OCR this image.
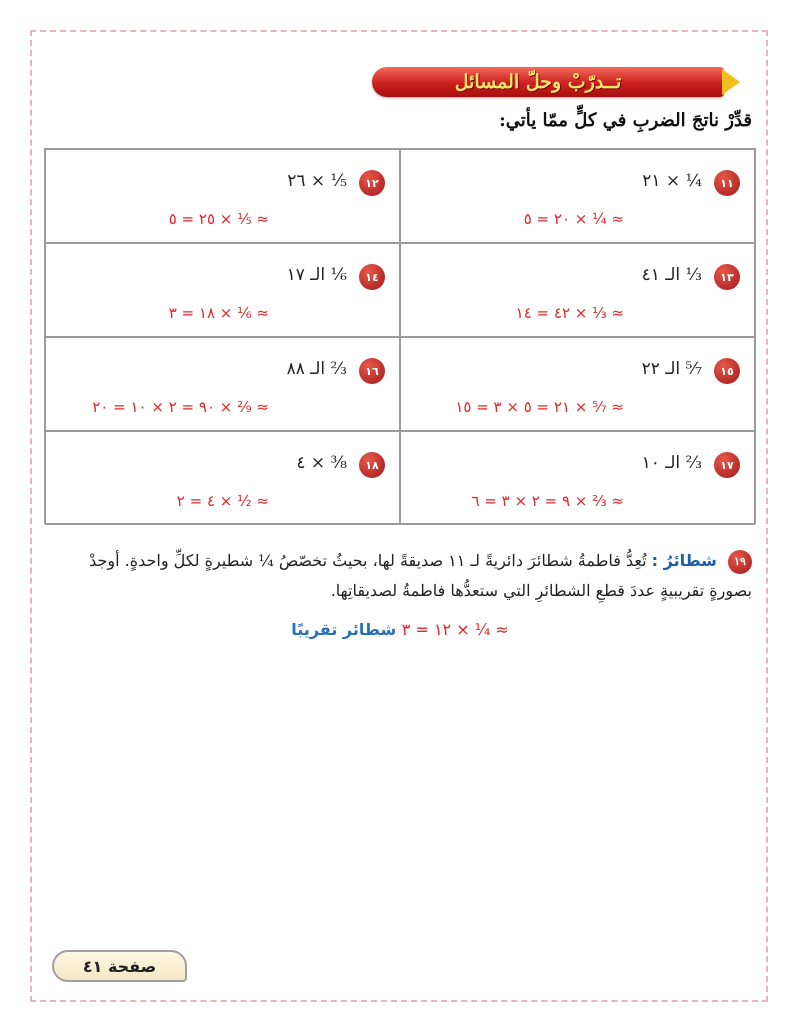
تــدرّبْ وحلّ المسائل
قدِّرْ ناتجَ الضربِ في كلٍّ ممّا يأتي:
١٢
⅕ × ٢٦
≈ ⅕ × ٢٥ = ٥
١١
¼ × ٢١
≈ ¼ × ٢٠ = ٥
١٤
⅙ الـ ١٧
≈ ⅙ × ١٨ = ٣
١٣
⅓ الـ ٤١
≈ ⅓ × ٤٢ = ١٤
١٦
⅔ الـ ٨٨
≈ ²⁄₉ × ٩٠ = ٢ × ١٠ = ٢٠
١٥
⁵⁄₇ الـ ٢٢
≈ ⁵⁄₇ × ٢١ = ٥ × ٣ = ١٥
١٨
⅜ × ٤
≈ ½ × ٤ = ٢
١٧
⅔ الـ ١٠
≈ ⅔ × ٩ = ٢ × ٣ = ٦
١٩ شطائرُ : تُعِدُّ فاطمةُ شطائرَ دائريةً لـ ١١ صديقةً لها، بحيثُ تخصّصُ ¼ شطيرةٍ لكلِّ واحدةٍ. أوجدْ بصورةٍ تقريبيةٍ عددَ قطعِ الشطائرِ التي ستعدُّها فاطمةُ لصديقاتِها.
≈ ¼ × ١٢ = ٣ شطائر تقريبًا
صفحة ٤١
